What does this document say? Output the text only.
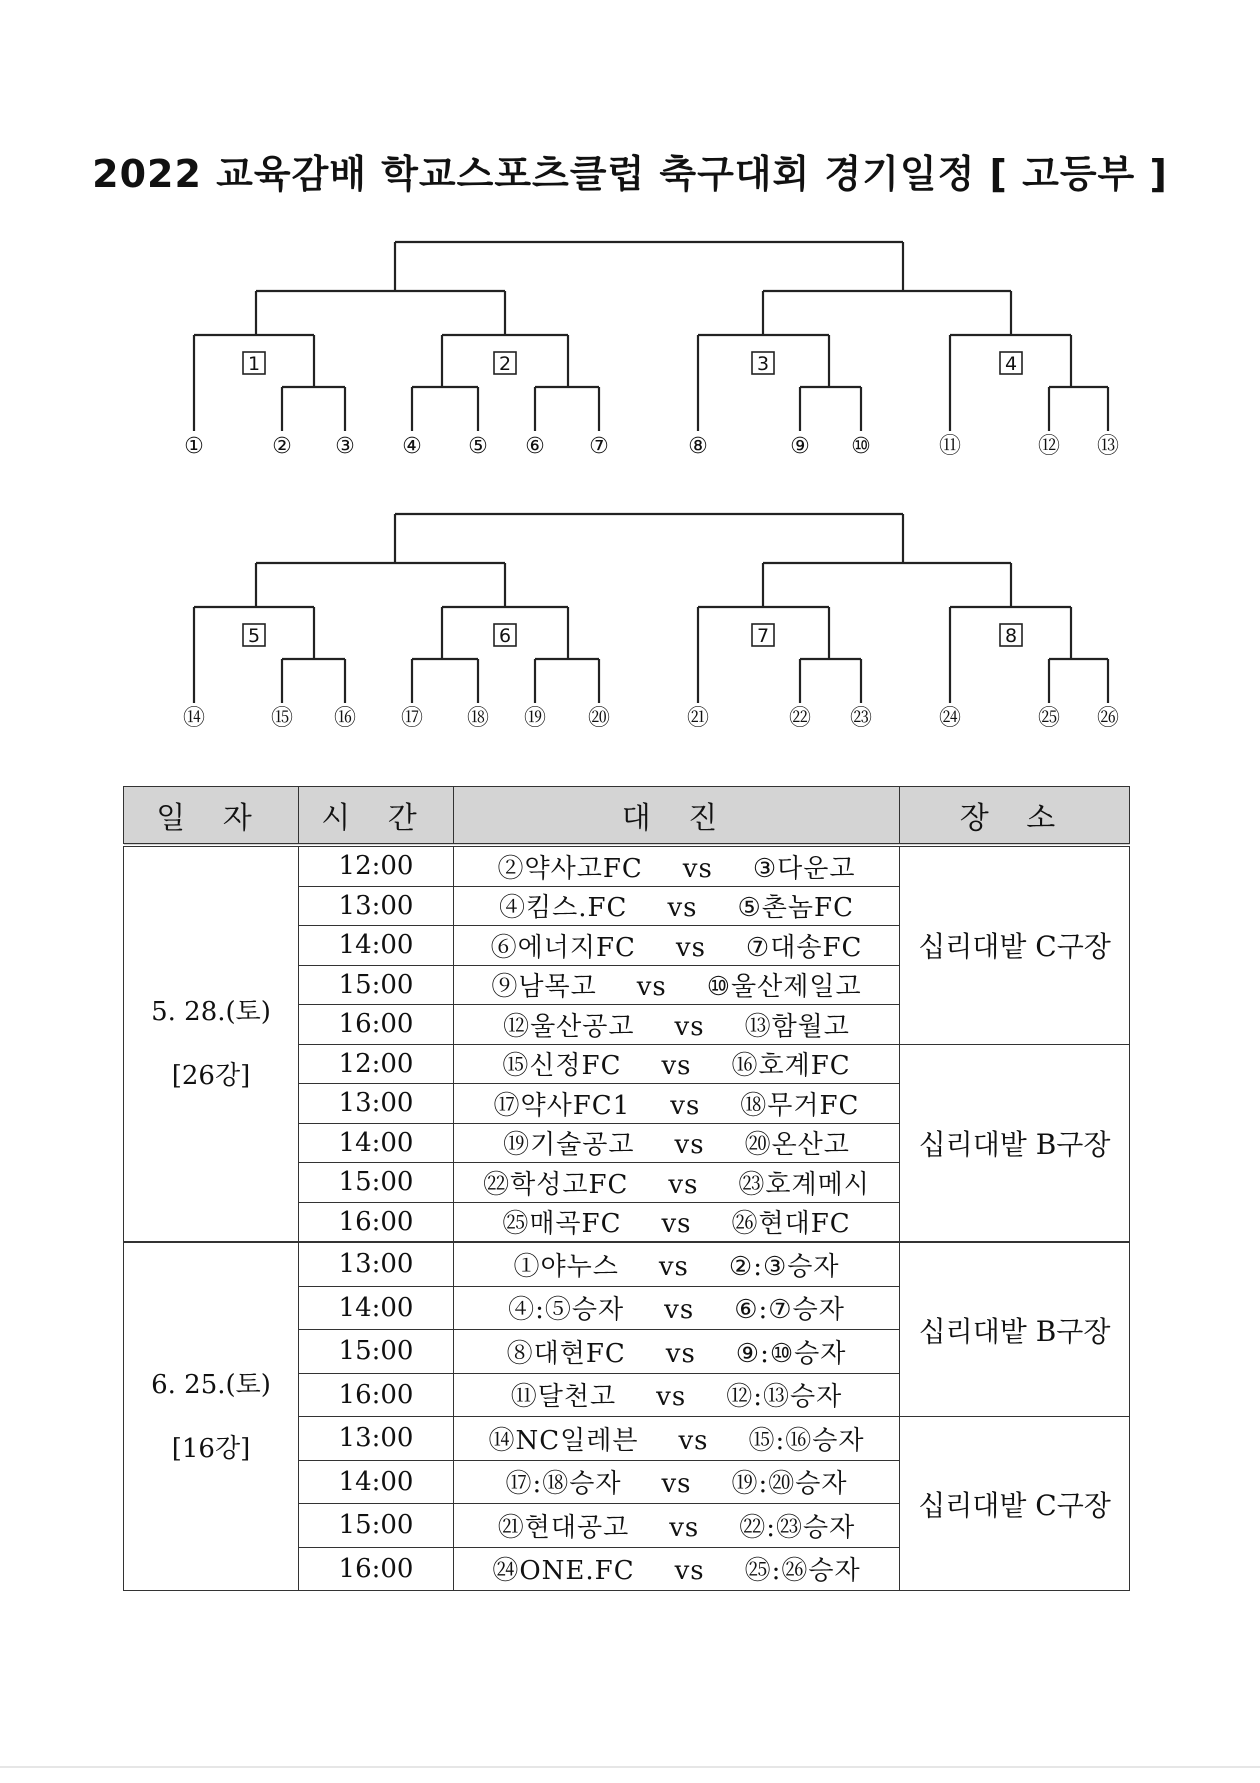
2022 교육감배 학교스포츠클럽 축구대회 경기일정 [ 고등부 ]
1	2	3	4
①	② ③ ④ ⑤ ⑥ ⑦	⑧	⑨ ⑩	⑪	⑫ ⑬
5	6	7	8
⑭	⑮ ⑯ ⑰ ⑱ ⑲ ⑳	㉑	㉒ ㉓	㉔	㉕ ㉖
일 자	시 간	대 진	장 소
5. 28.(토)
[26강]	12:00	②약사고FC vs ③다운고	십리대밭 C구장
	13:00	④킴스.FC vs ⑤촌놈FC	
	14:00	⑥에너지FC vs ⑦대송FC	
	15:00	⑨남목고 vs ⑩울산제일고	
	16:00	⑫울산공고 vs ⑬함월고	
	12:00	⑮신정FC vs ⑯호계FC	십리대밭 B구장
	13:00	⑰약사FC1 vs ⑱무거FC	
	14:00	⑲기술공고 vs ⑳온산고	
	15:00	㉒학성고FC vs ㉓호계메시	
	16:00	㉕매곡FC vs ㉖현대FC	
6. 25.(토)
[16강]	13:00	①야누스 vs ②:③승자	십리대밭 B구장
	14:00	④:⑤승자 vs ⑥:⑦승자	
	15:00	⑧대현FC vs ⑨:⑩승자	
	16:00	⑪달천고 vs ⑫:⑬승자	
	13:00	⑭NC일레븐 vs ⑮:⑯승자	십리대밭 C구장
	14:00	⑰:⑱승자 vs ⑲:⑳승자	
	15:00	㉑현대공고 vs ㉒:㉓승자	
	16:00	㉔ONE.FC vs ㉕:㉖승자	
